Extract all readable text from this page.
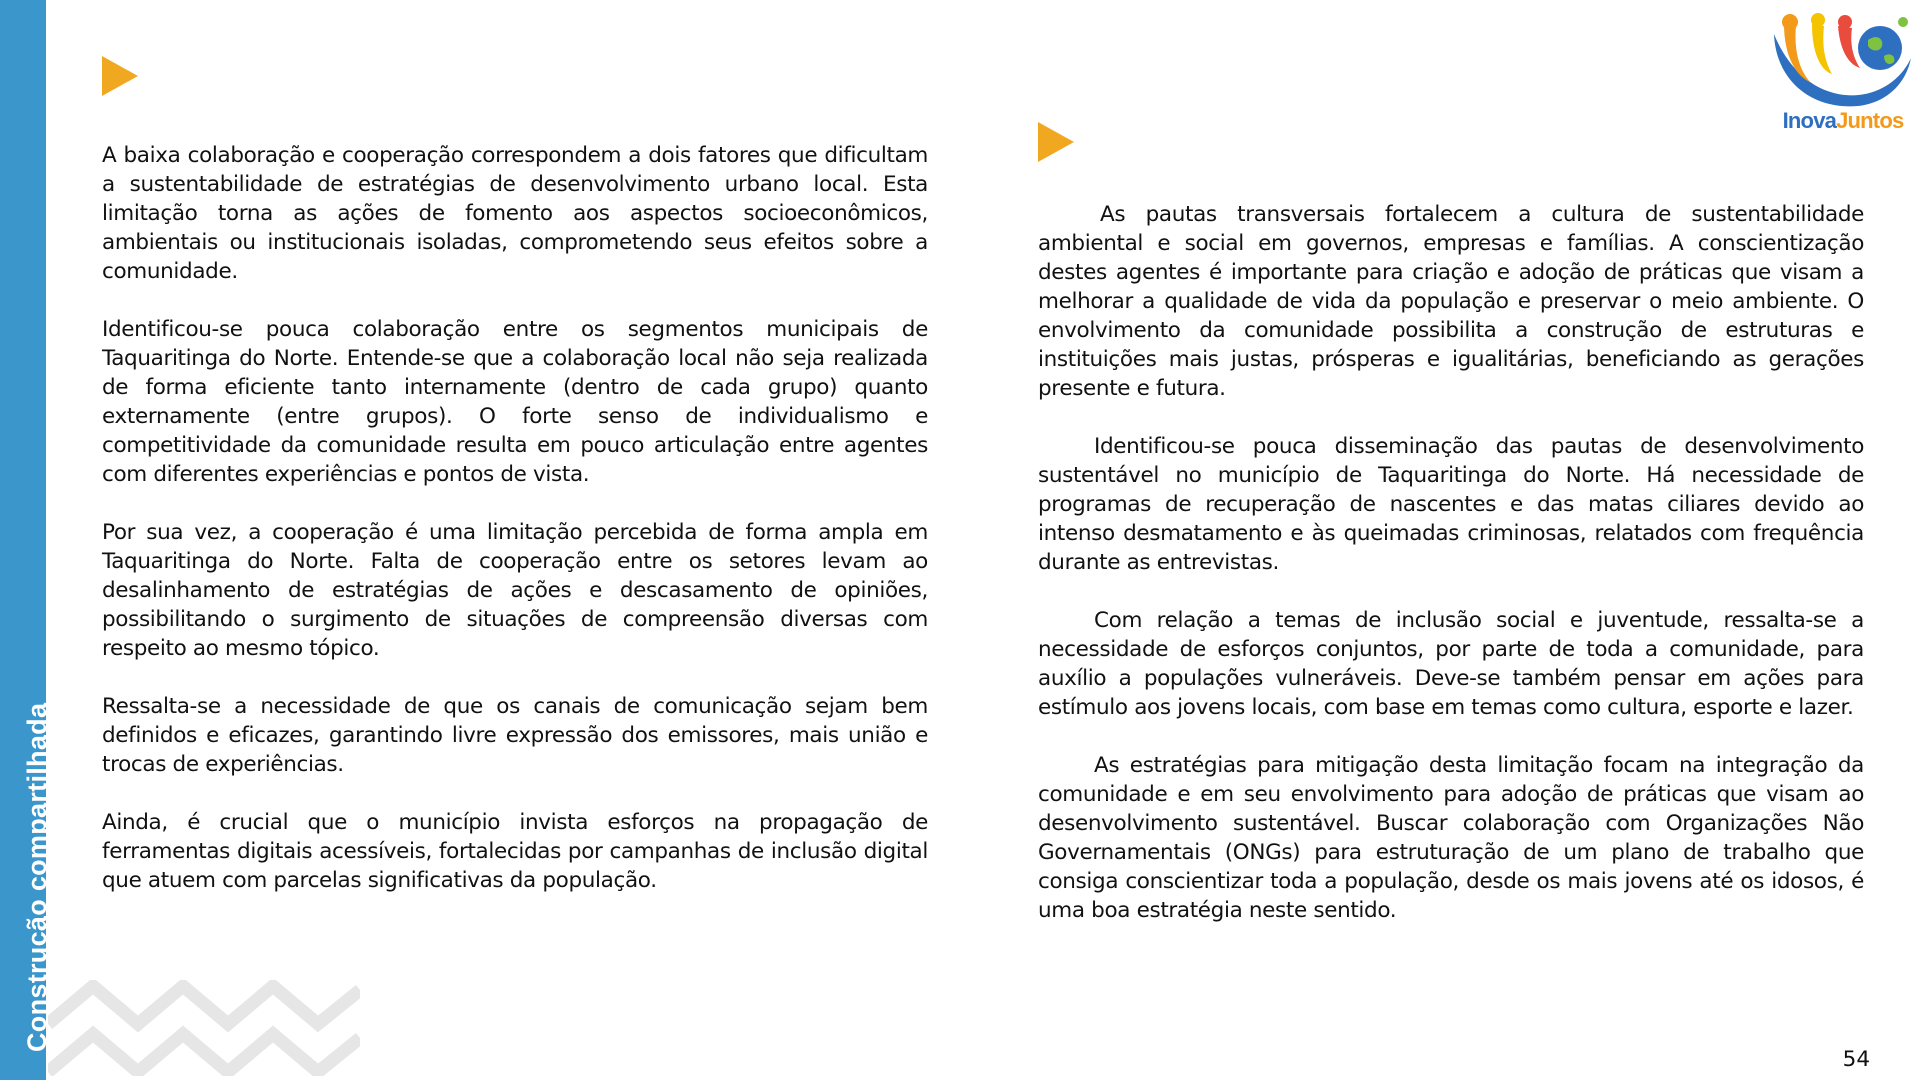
Construção compartilhada
InovaJuntos

A baixa colaboração e cooperação correspondem a dois fatores que dificultam a sustentabilidade de estratégias de desenvolvimento urbano local. Esta limitação torna as ações de fomento aos aspectos socioeconômicos, ambientais ou institucionais isoladas, comprometendo seus efeitos sobre a comunidade.

Identificou-se pouca colaboração entre os segmentos municipais de Taquaritinga do Norte. Entende-se que a colaboração local não seja realizada de forma eficiente tanto internamente (dentro de cada grupo) quanto externamente (entre grupos). O forte senso de individualismo e competitividade da comunidade resulta em pouco articulação entre agentes com diferentes experiências e pontos de vista.

Por sua vez, a cooperação é uma limitação percebida de forma ampla em Taquaritinga do Norte. Falta de cooperação entre os setores levam ao desalinhamento de estratégias de ações e descasamento de opiniões, possibilitando o surgimento de situações de compreensão diversas com respeito ao mesmo tópico.

Ressalta-se a necessidade de que os canais de comunicação sejam bem definidos e eficazes, garantindo livre expressão dos emissores, mais união e trocas de experiências.

Ainda, é crucial que o município invista esforços na propagação de ferramentas digitais acessíveis, fortalecidas por campanhas de inclusão digital que atuem com parcelas significativas da população.

As pautas transversais fortalecem a cultura de sustentabilidade ambiental e social em governos, empresas e famílias. A conscientização destes agentes é importante para criação e adoção de práticas que visam a melhorar a qualidade de vida da população e preservar o meio ambiente. O envolvimento da comunidade possibilita a construção de estruturas e instituições mais justas, prósperas e igualitárias, beneficiando as gerações presente e futura.

Identificou-se pouca disseminação das pautas de desenvolvimento sustentável no município de Taquaritinga do Norte. Há necessidade de programas de recuperação de nascentes e das matas ciliares devido ao intenso desmatamento e às queimadas criminosas, relatados com frequência durante as entrevistas.

Com relação a temas de inclusão social e juventude, ressalta-se a necessidade de esforços conjuntos, por parte de toda a comunidade, para auxílio a populações vulneráveis. Deve-se também pensar em ações para estímulo aos jovens locais, com base em temas como cultura, esporte e lazer.

As estratégias para mitigação desta limitação focam na integração da comunidade e em seu envolvimento para adoção de práticas que visam ao desenvolvimento sustentável. Buscar colaboração com Organizações Não Governamentais (ONGs) para estruturação de um plano de trabalho que consiga conscientizar toda a população, desde os mais jovens até os idosos, é uma boa estratégia neste sentido.

54
